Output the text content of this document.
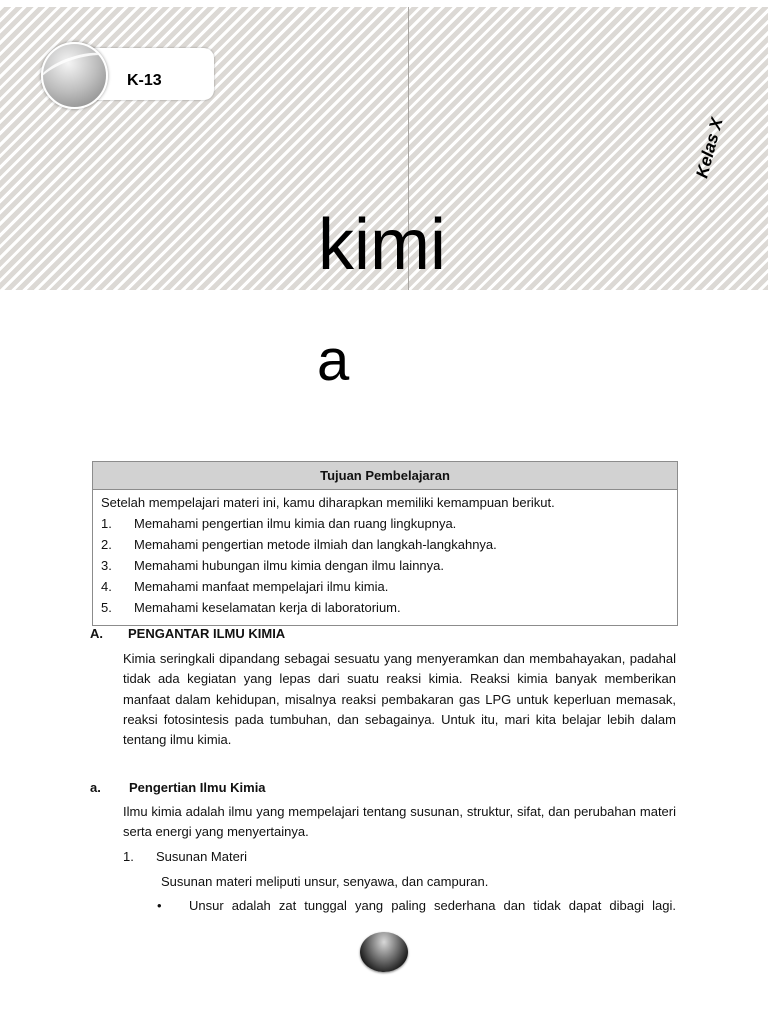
K-13
Kelas X
kimi
a
Tujuan Pembelajaran
Setelah mempelajari materi ini, kamu diharapkan memiliki kemampuan berikut.
1. Memahami pengertian ilmu kimia dan ruang lingkupnya.
2. Memahami pengertian metode ilmiah dan langkah-langkahnya.
3. Memahami hubungan ilmu kimia dengan ilmu lainnya.
4. Memahami manfaat mempelajari ilmu kimia.
5. Memahami keselamatan kerja di laboratorium.
A. PENGANTAR ILMU KIMIA
Kimia seringkali dipandang sebagai sesuatu yang menyeramkan dan membahayakan, padahal tidak ada kegiatan yang lepas dari suatu reaksi kimia. Reaksi kimia banyak memberikan manfaat dalam kehidupan, misalnya reaksi pembakaran gas LPG untuk keperluan memasak, reaksi fotosintesis pada tumbuhan, dan sebagainya. Untuk itu, mari kita belajar lebih dalam tentang ilmu kimia.
a. Pengertian Ilmu Kimia
Ilmu kimia adalah ilmu yang mempelajari tentang susunan, struktur, sifat, dan perubahan materi serta energi yang menyertainya.
1. Susunan Materi
Susunan materi meliputi unsur, senyawa, dan campuran.
• Unsur adalah zat tunggal yang paling sederhana dan tidak dapat dibagi lagi.
